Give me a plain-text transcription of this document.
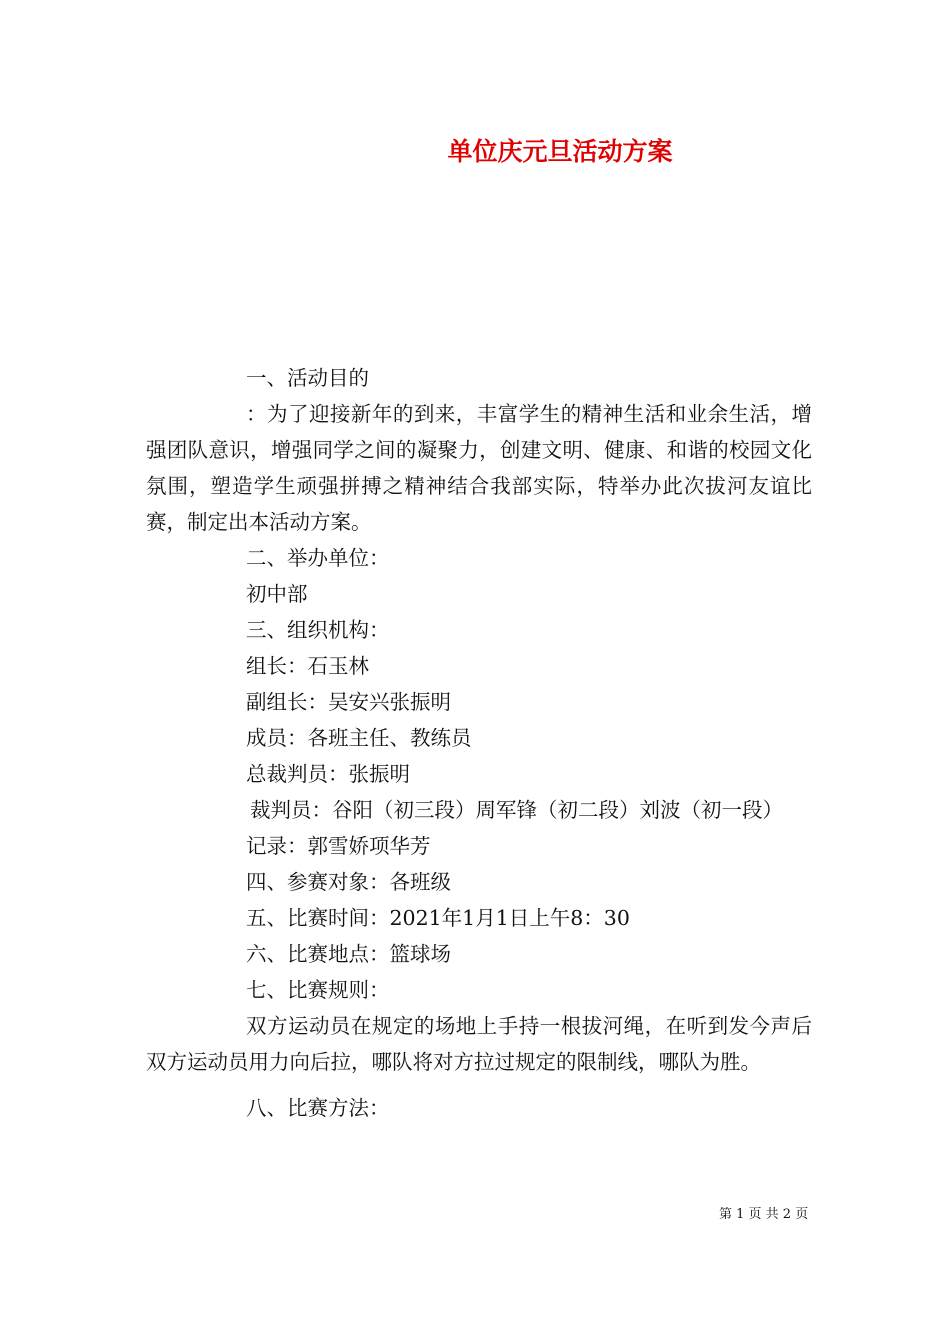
单位庆元旦活动方案
一、活动目的
：为了迎接新年的到来，丰富学生的精神生活和业余生活，增强团队意识，增强同学之间的凝聚力，创建文明、健康、和谐的校园文化氛围，塑造学生顽强拼搏之精神结合我部实际，特举办此次拔河友谊比赛，制定出本活动方案。
二、举办单位：
初中部
三、组织机构：
组长：石玉林
副组长：吴安兴张振明
成员：各班主任、教练员
总裁判员：张振明
裁判员：谷阳（初三段）周军锋（初二段）刘波（初一段）
记录：郭雪娇项华芳
四、参赛对象：各班级
五、比赛时间：2021年1月1日上午8：30
六、比赛地点：篮球场
七、比赛规则：
双方运动员在规定的场地上手持一根拔河绳，在听到发今声后双方运动员用力向后拉，哪队将对方拉过规定的限制线，哪队为胜。
八、比赛方法：
第 1 页 共 2 页
